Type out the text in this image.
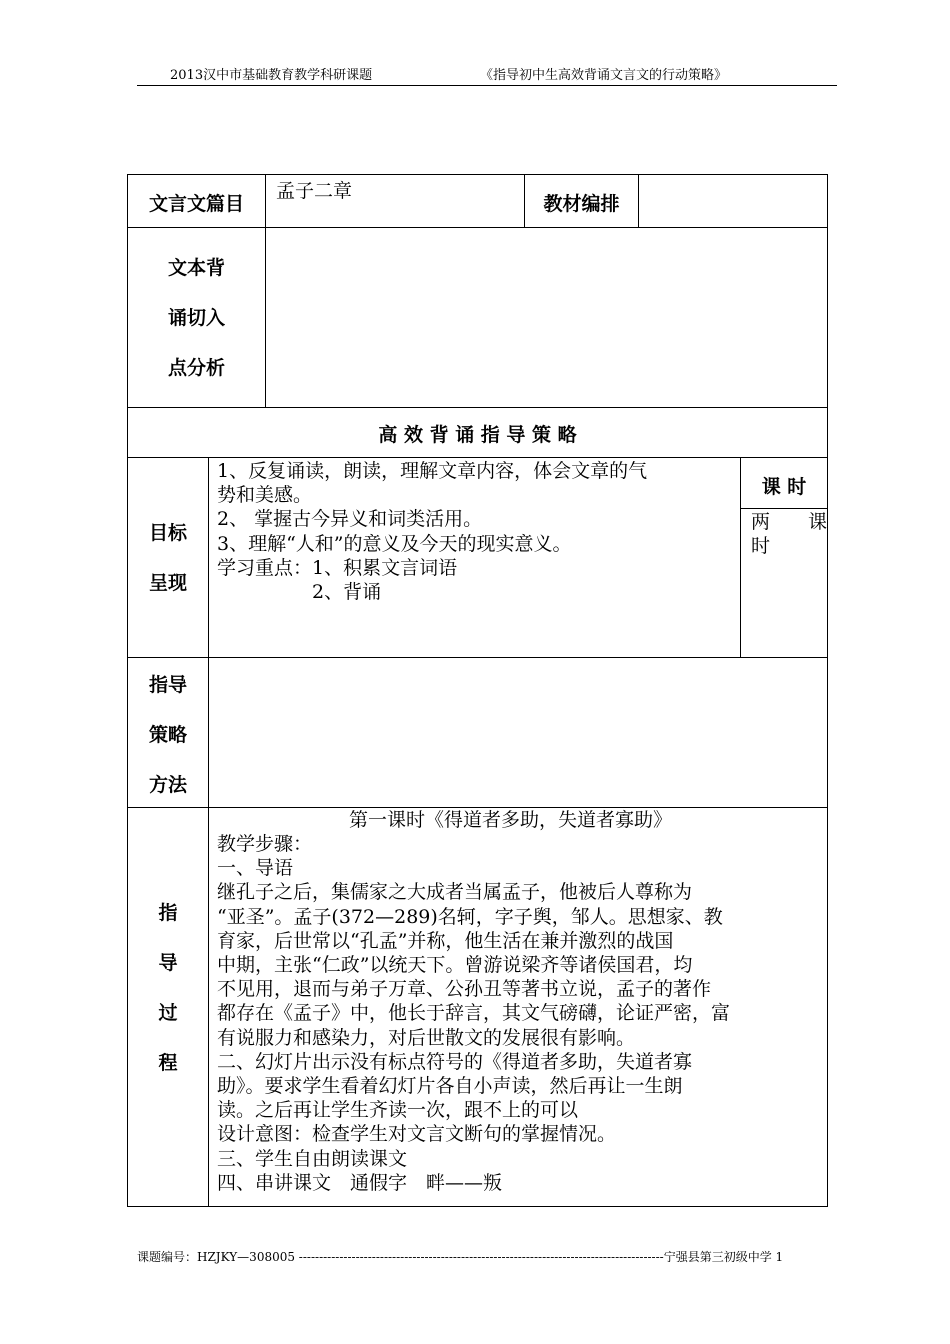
2013汉中市基础教育教学科研课题	《指导初中生高效背诵文言文的行动策略》
文言文篇目
孟子二章
教材编排
文本背
诵切入
点分析
高 效 背 诵 指 导 策 略
目标
呈现
1、反复诵读，朗读，理解文章内容，体会文章的气
势和美感。
2、 掌握古今异义和词类活用。
3、理解“人和”的意义及今天的现实意义。
学习重点：1、积累文言词语
　　　　　2、背诵
课 时
两　　课
时
指导
策略
方法
指
导
过
程
第一课时《得道者多助，失道者寡助》
教学步骤：
一、导语
继孔子之后，集儒家之大成者当属孟子，他被后人尊称为
“亚圣”。孟子(372—289)名轲，字子舆，邹人。思想家、教
育家，后世常以“孔孟”并称，他生活在兼并激烈的战国
中期，主张“仁政”以统天下。曾游说梁齐等诸侯国君，均
不见用，退而与弟子万章、公孙丑等著书立说，孟子的著作
都存在《孟子》中，他长于辞言，其文气磅礴，论证严密，富
有说服力和感染力，对后世散文的发展很有影响。
二、幻灯片出示没有标点符号的《得道者多助，失道者寡
助》。要求学生看着幻灯片各自小声读，然后再让一生朗
读。之后再让学生齐读一次，跟不上的可以
设计意图：检查学生对文言文断句的掌握情况。
三、学生自由朗读课文
四、串讲课文　通假字　畔——叛
课题编号：HZJKY—308005 ------------------------------------------------------------------------------------------宁强县第三初级中学 1
